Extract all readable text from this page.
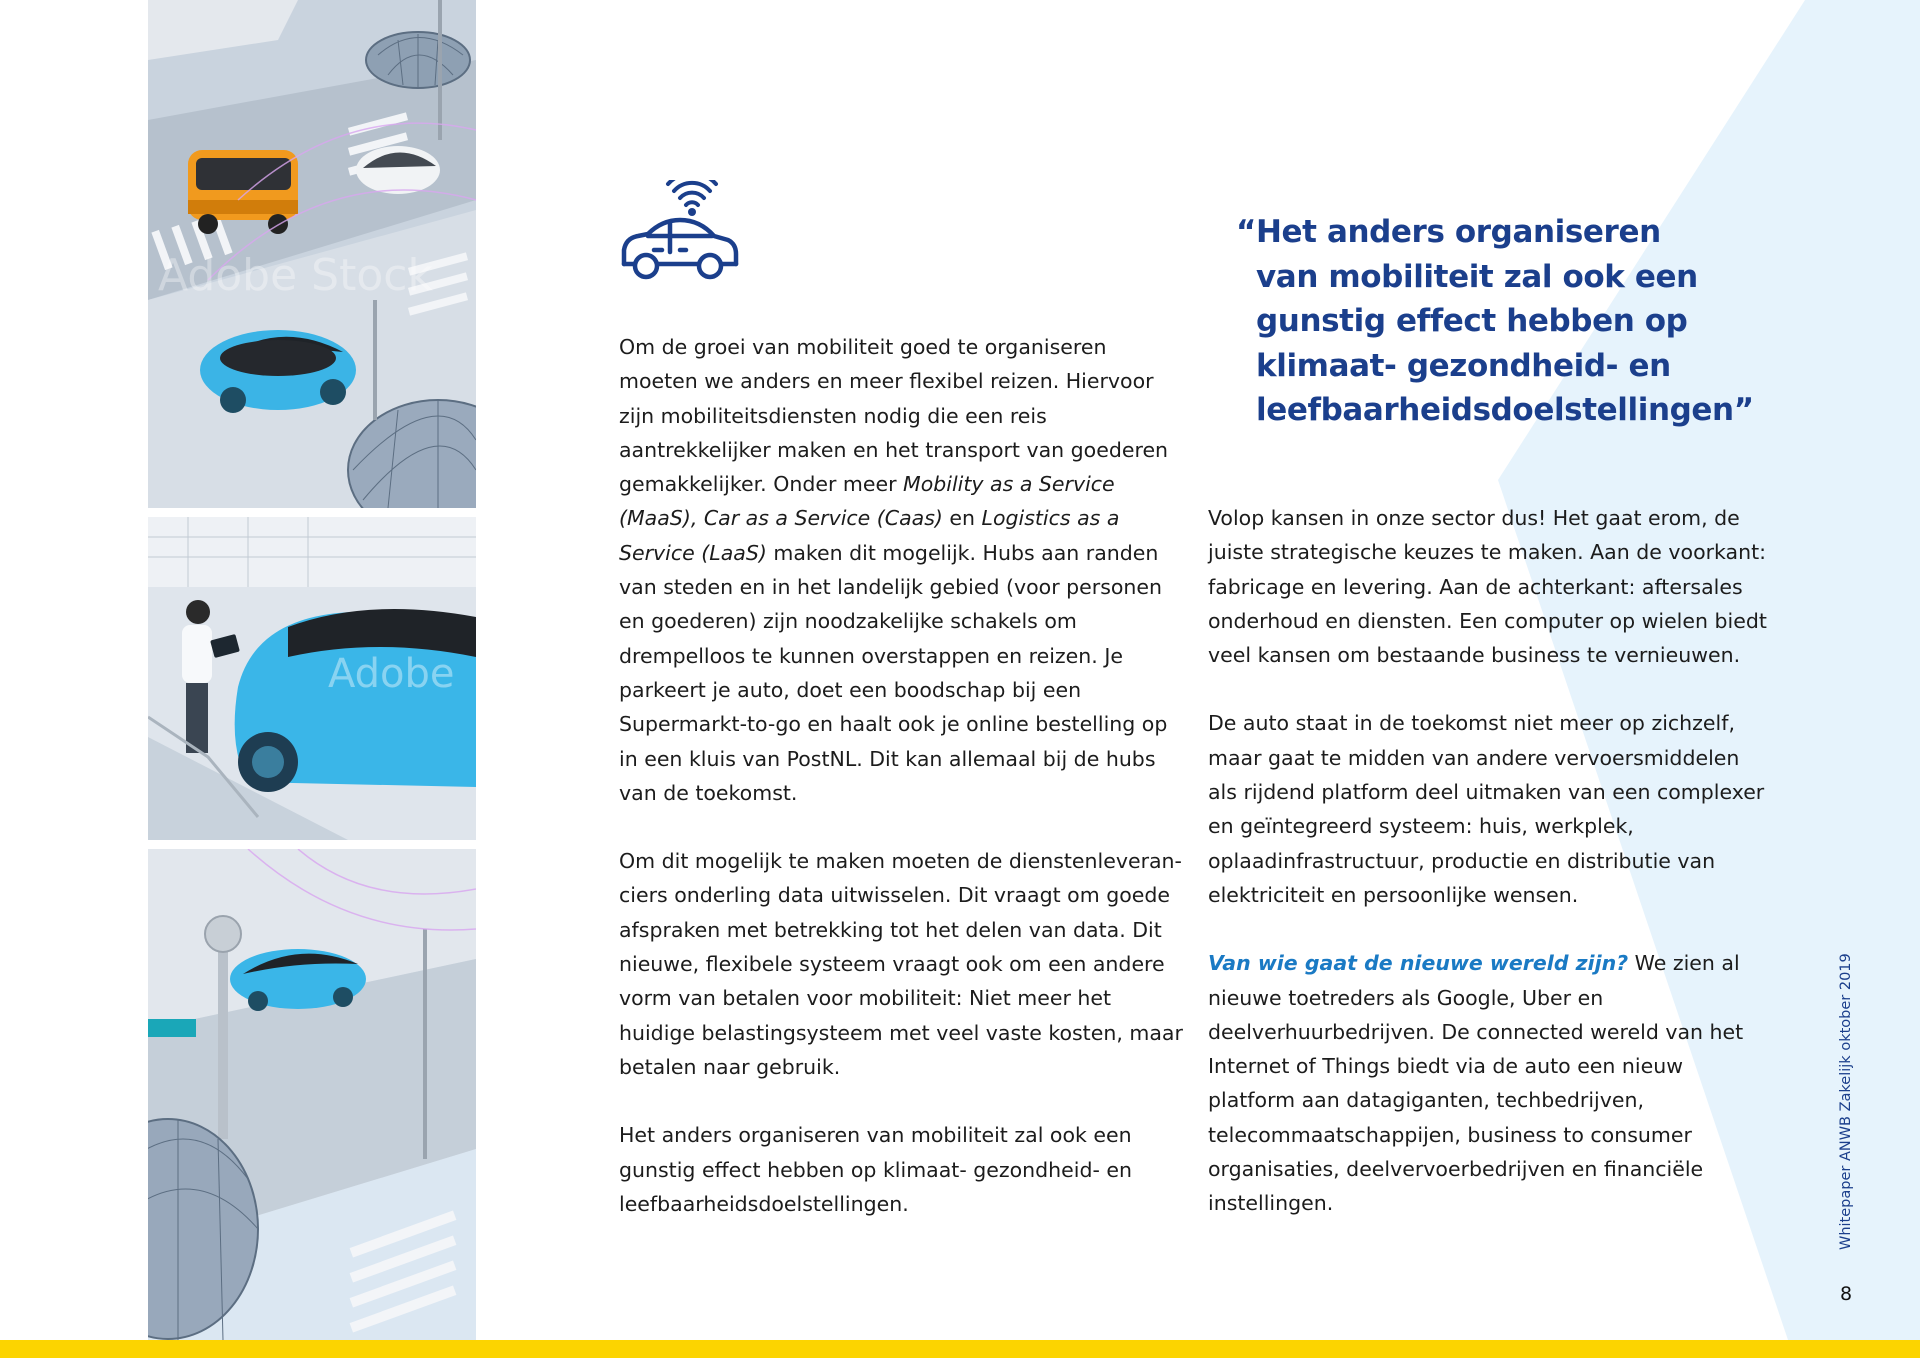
Adobe Stock
Adobe
“Het anders organiseren
van mobiliteit zal ook een
gunstig effect hebben op
klimaat- gezondheid- en
leefbaarheidsdoelstellingen”

Om de groei van mobiliteit goed te organiseren moeten we anders en meer flexibel reizen. Hiervoor zijn mobiliteitsdiensten nodig die een reis aantrekkelijker maken en het transport van goederen gemakkelijker. Onder meer Mobility as a Service (MaaS), Car as a Service (Caas) en Logistics as a Service (LaaS) maken dit mogelijk. Hubs aan randen van steden en in het landelijk gebied (voor personen en goederen) zijn noodzakelijke schakels om drempelloos te kunnen overstappen en reizen. Je parkeert je auto, doet een boodschap bij een Supermarkt-to-go en haalt ook je online bestelling op in een kluis van PostNL. Dit kan allemaal bij de hubs van de toekomst.

Om dit mogelijk te maken moeten de dienstenleveran-ciers onderling data uitwisselen. Dit vraagt om goede afspraken met betrekking tot het delen van data. Dit nieuwe, flexibele systeem vraagt ook om een andere vorm van betalen voor mobiliteit: Niet meer het huidige belastingsysteem met veel vaste kosten, maar betalen naar gebruik.

Het anders organiseren van mobiliteit zal ook een gunstig effect hebben op klimaat- gezondheid- en leefbaarheidsdoelstellingen.

Volop kansen in onze sector dus! Het gaat erom, de juiste strategische keuzes te maken. Aan de voorkant: fabricage en levering. Aan de achterkant: aftersales onderhoud en diensten. Een computer op wielen biedt veel kansen om bestaande business te vernieuwen.

De auto staat in de toekomst niet meer op zichzelf, maar gaat te midden van andere vervoersmiddelen als rijdend platform deel uitmaken van een complexer en geïntegreerd systeem: huis, werkplek, oplaadinfrastructuur, productie en distributie van elektriciteit en persoonlijke wensen.

Van wie gaat de nieuwe wereld zijn? We zien al nieuwe toetreders als Google, Uber en deelverhuurbedrijven. De connected wereld van het Internet of Things biedt via de auto een nieuw platform aan datagiganten, techbedrijven, telecommaatschappijen, business to consumer organisaties, deelvervoerbedrijven en financiële instellingen.	Whitepaper ANWB Zakelijk oktober 2019
8
